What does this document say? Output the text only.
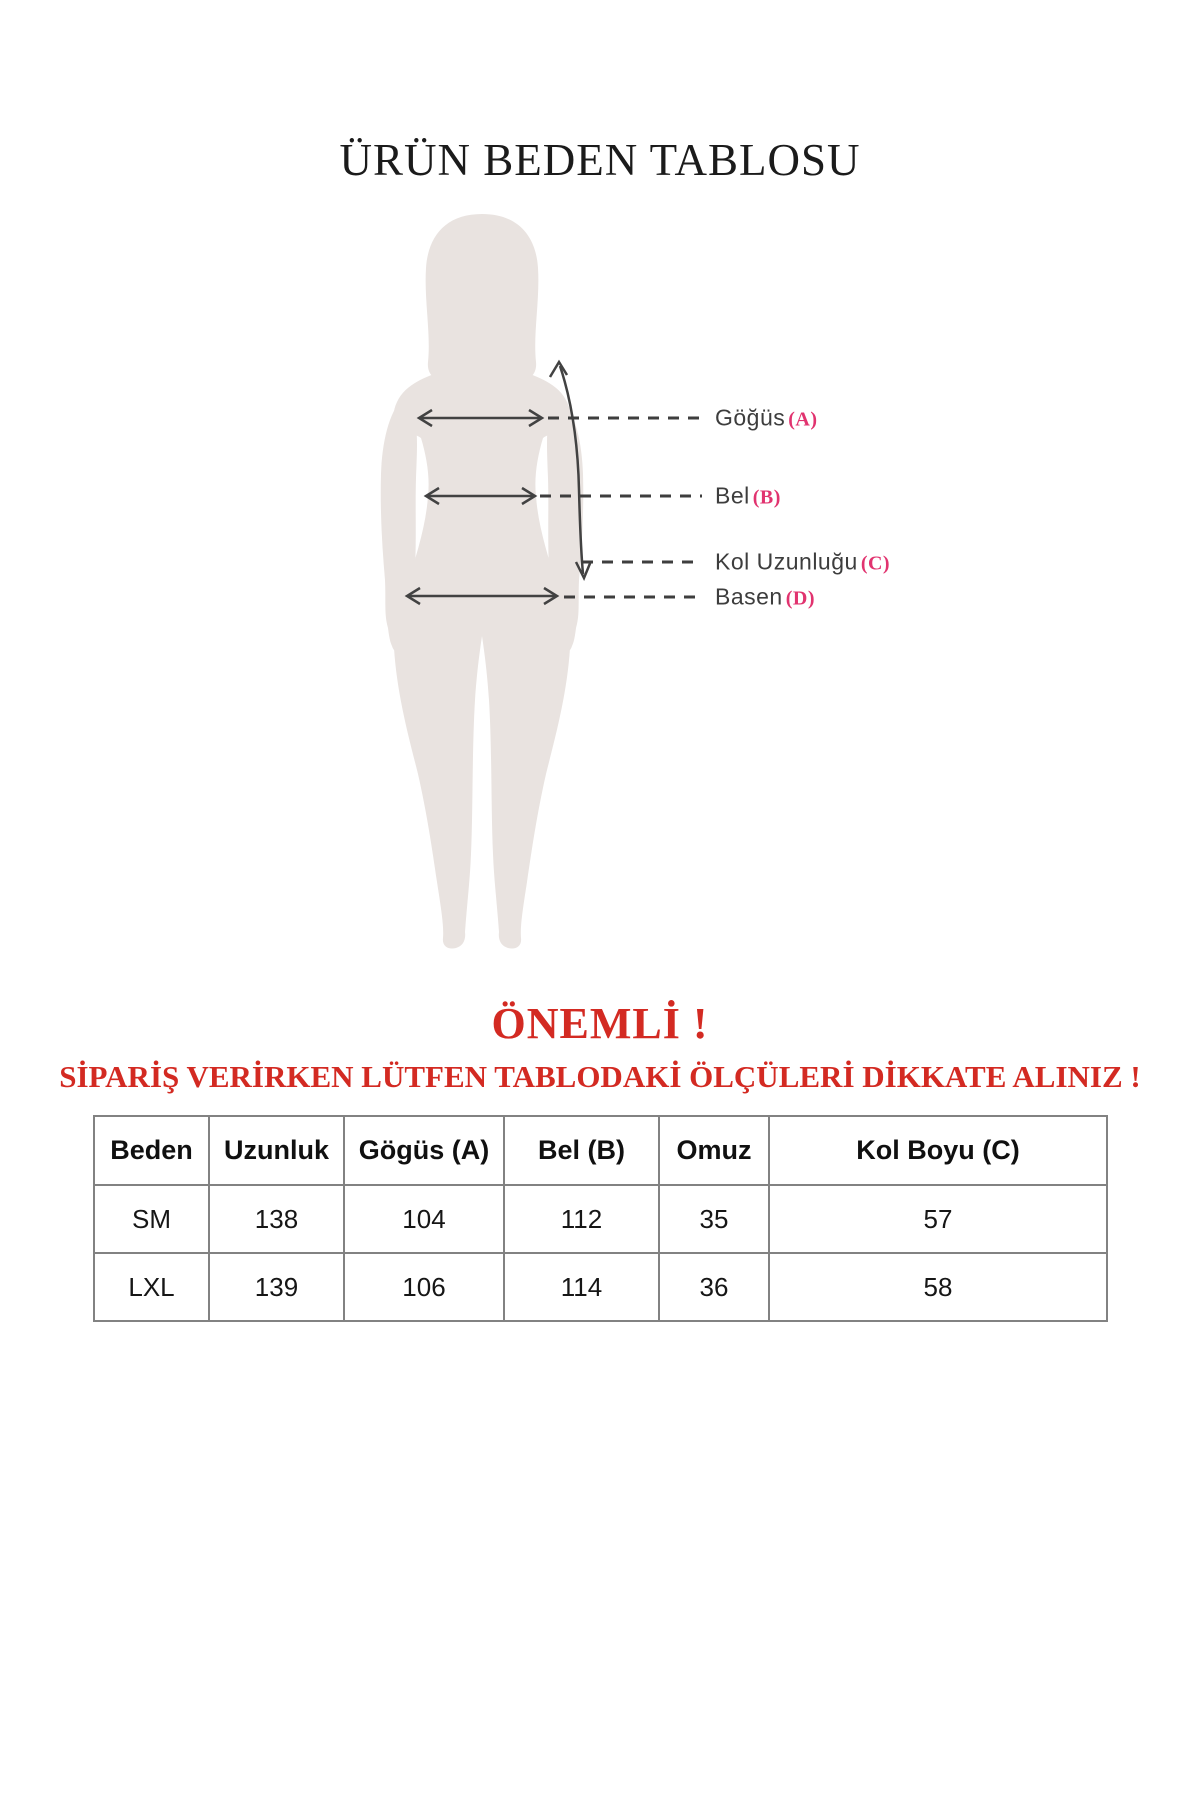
ÜRÜN BEDEN TABLOSU
Göğüs (A)
Bel (B)
Kol Uzunluğu (C)
Basen (D)
ÖNEMLİ !
SİPARİŞ VERİRKEN LÜTFEN TABLODAKİ ÖLÇÜLERİ DİKKATE ALINIZ !
Beden	Uzunluk	Gögüs (A)	Bel (B)	Omuz	Kol Boyu (C)
SM	138	104	112	35	57
LXL	139	106	114	36	58
